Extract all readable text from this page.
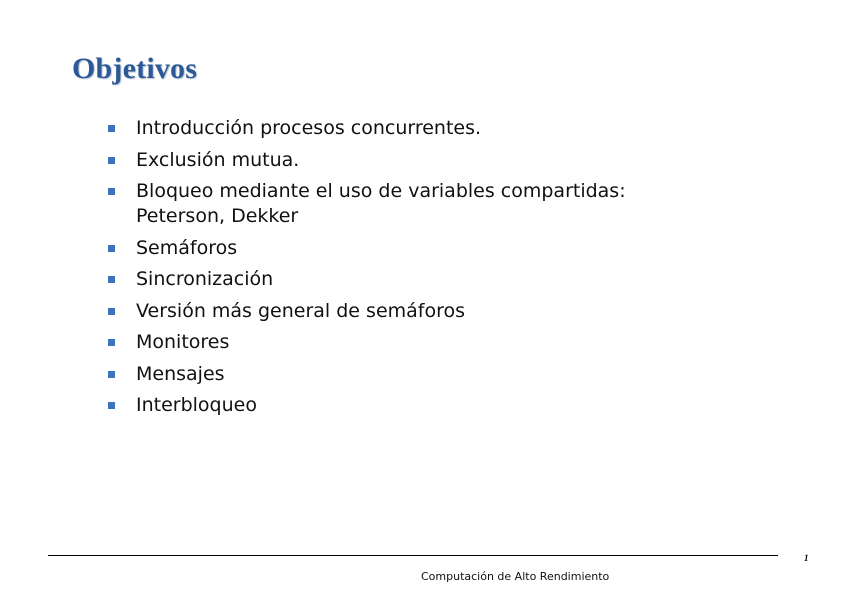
Objetivos
Introducción procesos concurrentes.
Exclusión mutua.
Bloqueo mediante el uso de variables compartidas:
Peterson, Dekker
Semáforos
Sincronización
Versión más general de semáforos
Monitores
Mensajes
Interbloqueo
1
Computación de Alto Rendimiento
